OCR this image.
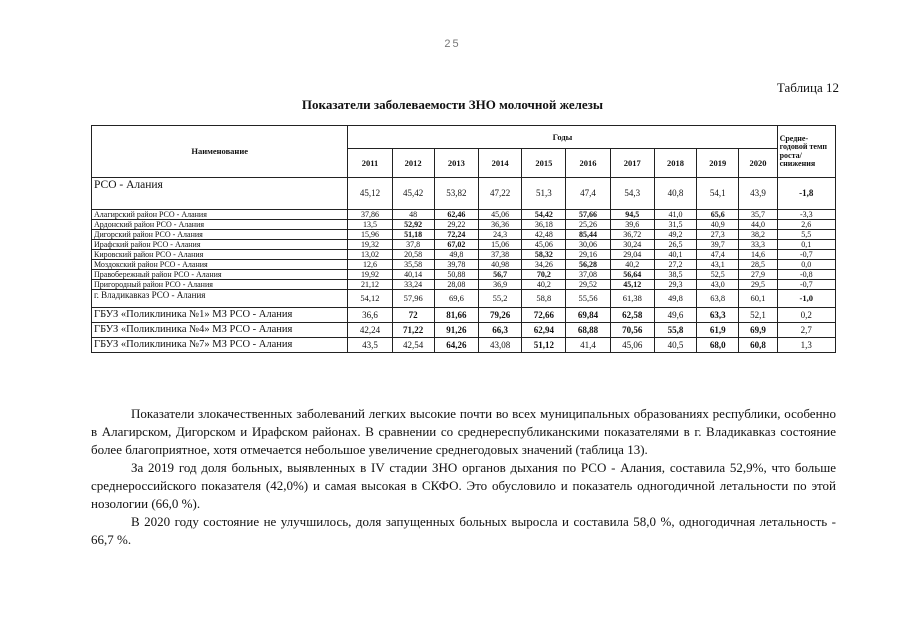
25
Таблица 12
Показатели заболеваемости ЗНО молочной железы
Наименование	Годы										Средне-годовой темп роста/ снижения
	2011	2012	2013	2014	2015	2016	2017	2018	2019	2020	
РСО - Алания	45,12	45,42	53,82	47,22	51,3	47,4	54,3	40,8	54,1	43,9	-1,8
Алагирский район РСО - Алания	37,86	48	62,46	45,06	54,42	57,66	94,5	41,0	65,6	35,7	-3,3
Ардонский район РСО - Алания	13,5	52,92	29,22	36,36	36,18	25,26	39,6	31,5	40,9	44,0	2,6
Дигорский район РСО - Алания	15,96	51,18	72,24	24,3	42,48	85,44	36,72	49,2	27,3	38,2	5,5
Ирафский район РСО - Алания	19,32	37,8	67,02	15,06	45,06	30,06	30,24	26,5	39,7	33,3	0,1
Кировский район РСО - Алания	13,02	20,58	49,8	37,38	58,32	29,16	29,04	40,1	47,4	14,6	-0,7
Моздокский район РСО - Алания	12,6	35,58	39,78	40,98	34,26	56,28	40,2	27,2	43,1	28,5	0,0
Правобережный район РСО - Алания	19,92	40,14	50,88	56,7	70,2	37,08	56,64	38,5	52,5	27,9	-0,8
Пригородный район РСО - Алания	21,12	33,24	28,08	36,9	40,2	29,52	45,12	29,3	43,0	29,5	-0,7
г. Владикавказ РСО - Алания	54,12	57,96	69,6	55,2	58,8	55,56	61,38	49,8	63,8	60,1	-1,0
ГБУЗ «Поликлиника №1» МЗ РСО - Алания	36,6	72	81,66	79,26	72,66	69,84	62,58	49,6	63,3	52,1	0,2
ГБУЗ «Поликлиника №4» МЗ РСО - Алания	42,24	71,22	91,26	66,3	62,94	68,88	70,56	55,8	61,9	69,9	2,7
ГБУЗ «Поликлиника №7» МЗ РСО - Алания	43,5	42,54	64,26	43,08	51,12	41,4	45,06	40,5	68,0	60,8	1,3

Показатели злокачественных заболеваний легких высокие почти во всех муниципальных образованиях республики, особенно в Алагирском, Дигорском и Ирафском районах. В сравнении со среднереспубликанскими показателями в г. Владикавказ состояние более благоприятное, хотя отмечается небольшое увеличение среднегодовых значений (таблица 13).

За 2019 год доля больных, выявленных в IV стадии ЗНО органов дыхания по РСО - Алания, составила 52,9%, что больше среднероссийского показателя (42,0%) и самая высокая в СКФО. Это обусловило и показатель одногодичной летальности по этой нозологии (66,0 %).

В 2020 году состояние не улучшилось, доля запущенных больных выросла и составила 58,0 %, одногодичная летальность - 66,7 %.
